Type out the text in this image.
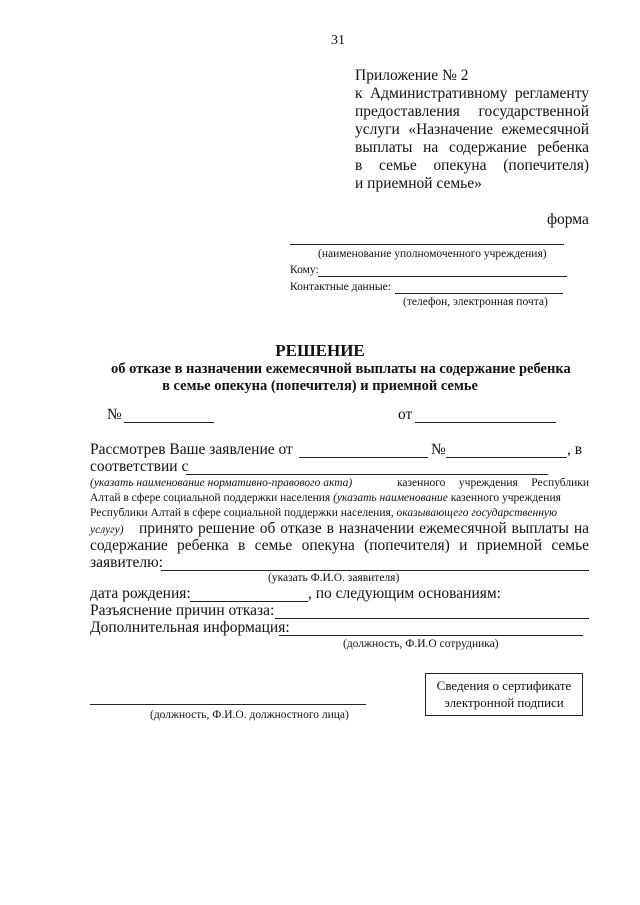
31
Приложение № 2
к Административному регламенту
предоставления государственной
услуги «Назначение ежемесячной
выплаты на содержание ребенка
в семье опекуна (попечителя)
и приемной семье»
форма
(наименование уполномоченного учреждения)
Кому:
Контактные данные:
(телефон, электронная почта)
РЕШЕНИЕ
об отказе в назначении ежемесячной выплаты на содержание ребенка
в семье опекуна (попечителя) и приемной семье
№	от
Рассмотрев Ваше заявление от	№	, в
соответствии с
(указать наименование нормативно-правового акта)	казенного учреждения Республики
Алтай в сфере социальной поддержки населения (указать наименование казенного учреждения
Республики Алтай в сфере социальной поддержки населения, оказывающего государственную
услугу) принято решение об отказе в назначении ежемесячной выплаты на
содержание ребенка в семье опекуна (попечителя) и приемной семье
заявителю:
(указать Ф.И.О. заявителя)
дата рождения:	, по следующим основаниям:
Разъяснение причин отказа:
Дополнительная информация:
(должность, Ф.И.О сотрудника)
(должность, Ф.И.О. должностного лица)
Сведения о сертификате
электронной подписи
